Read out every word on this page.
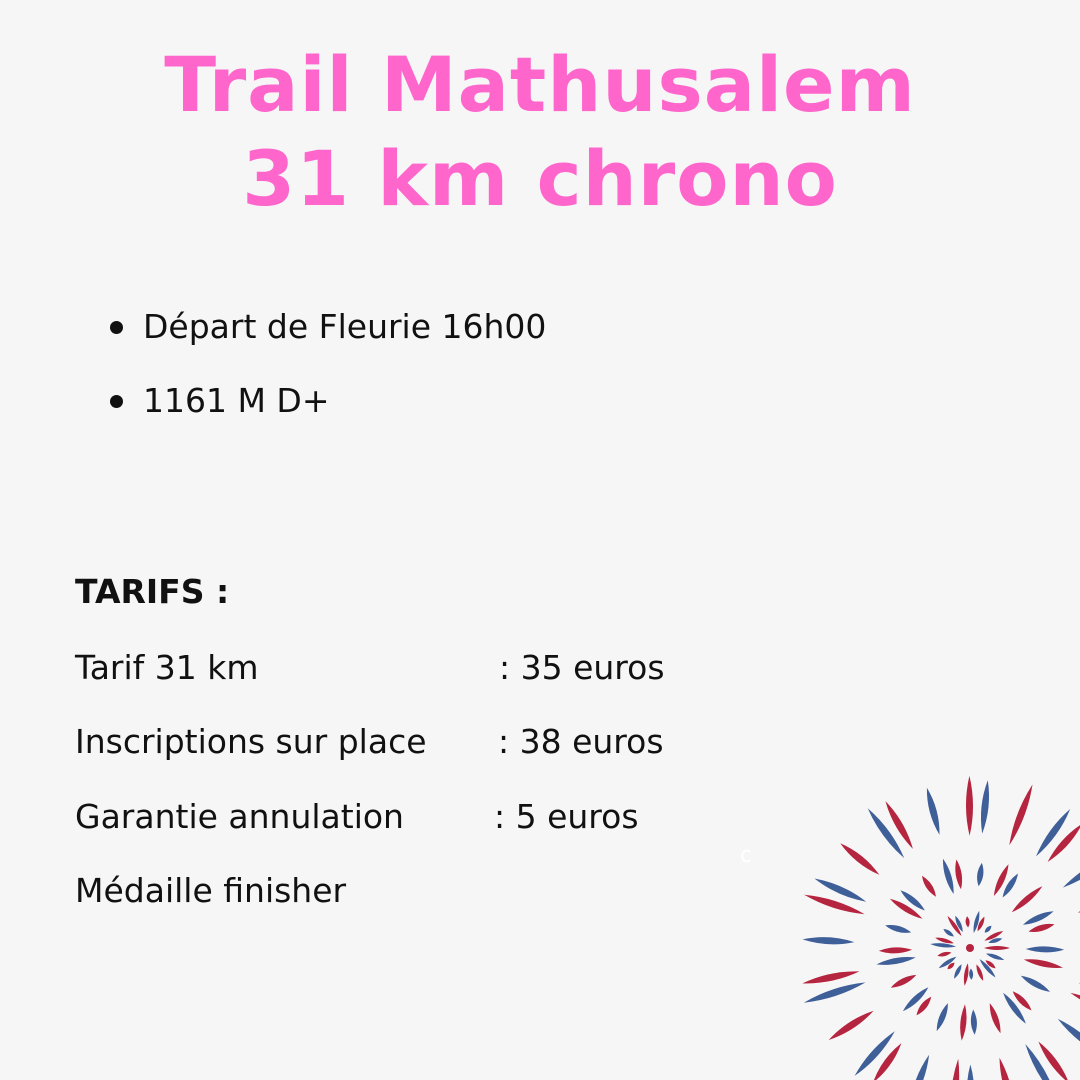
Trail Mathusalem
31 km chrono
Départ de Fleurie 16h00
1161 M D+
TARIFS :
Tarif 31 km	: 35 euros
Inscriptions sur place : 38 euros
Garantie annulation	: 5 euros
Médaille finisher
c
